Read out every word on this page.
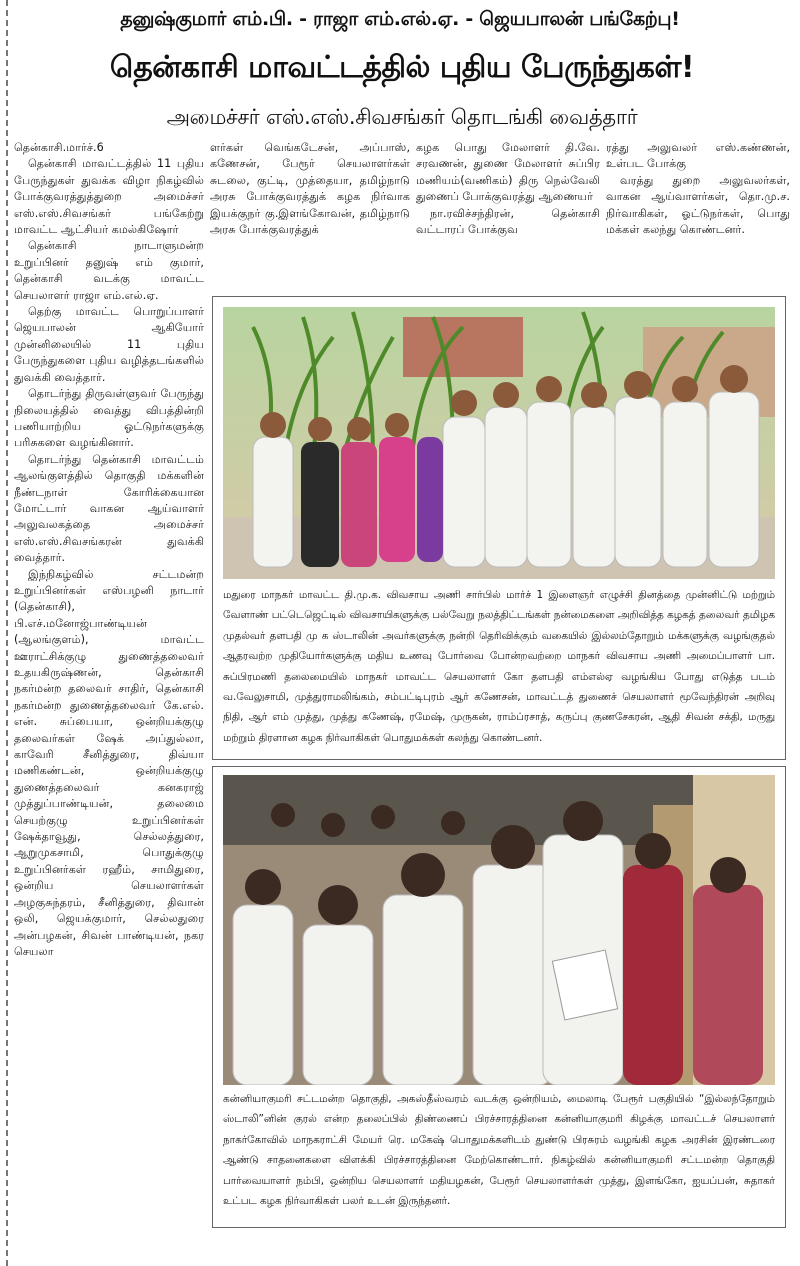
தனுஷ்குமார் எம்.பி. - ராஜா எம்.எல்.ஏ. - ஜெயபாலன் பங்கேற்பு!
தென்காசி மாவட்டத்தில் புதிய பேருந்துகள்!
அமைச்சர் எஸ்.எஸ்.சிவசங்கர் தொடங்கி வைத்தார்

தென்காசி.மார்ச்.6

தென்காசி மாவட்டத்தில் 11 புதிய பேருந்துகள் துவக்க விழா நிகழ்வில் போக்குவரத்துத்துறை அமைச்சர் எஸ்.எஸ்.சிவசங்கர் பங்கேற்று மாவட்ட ஆட்சியர் கமல்கிஷோர்

தென்காசி நாடாளுமன்ற உறுப்பினர் தனுஷ் எம் குமார், தென்காசி வடக்கு மாவட்ட செயலாளர் ராஜா எம்.எல்.ஏ.

தெற்கு மாவட்ட பொறுப்பாளர் ஜெயபாலன் ஆகியோர் முன்னிலையில் 11 புதிய பேருந்துகளை புதிய வழித்தடங்களில் துவக்கி வைத்தார்.

தொடர்ந்து திருவள்ளுவர் பேருந்து நிலையத்தில் வைத்து விபத்தின்றி பணியாற்றிய ஓட்டுநர்களுக்கு பரிசுகளை வழங்கினார்.

தொடர்ந்து தென்காசி மாவட்டம் ஆலங்குளத்தில் தொகுதி மக்களின் நீண்டநாள் கோரிக்கையான மோட்டார் வாகன ஆய்வாளர் அலுவலகத்தை அமைச்சர் எஸ்.எஸ்.சிவசங்கரன் துவக்கி வைத்தார்.

இந்நிகழ்வில் சட்டமன்ற உறுப்பினர்கள் எஸ்பழனி நாடார் (தென்காசி), பி.எச்.மனோஜ்பாண்டியன் (ஆலங்குளம்), மாவட்ட ஊராட்சிக்குழு துணைத்தலைவர் உதயகிருஷ்ணன், தென்காசி நகர்மன்ற தலைவர் சாதிர், தென்காசி நகர்மன்ற துணைத்தலைவர் கே.எல். என். சுப்பையா, ஒன்றியக்குழு தலைவர்கள் ஷேக் அப்துல்லா, காவேரி சீனித்துரை, திவ்யா மணிகண்டன், ஒன்றியக்குழு துணைத்தலைவர் கனகராஜ் முத்துப்பாண்டியன், தலைமை செயற்குழு உறுப்பினர்கள் ஷேக்தாவூது, செல்லத்துரை, ஆறுமுகசாமி, பொதுக்குழு உறுப்பினர்கள் ரஹீம், சாமிதுரை, ஒன்றிய செயலாளர்கள் அழகுசுந்தரம், சீனித்துரை, திவான் ஒலி, ஜெயக்குமார், செல்லதுரை அன்பழகன், சிவன் பாண்டியன், நகர செயலா

ளர்கள் வெங்கடேசன், அப்பாஸ், கணேசன், பேரூர் செயலாளர்கள் சுடலை, குட்டி, முத்தையா, தமிழ்நாடு அரசு போக்குவரத்துக் கழக நிர்வாக இயக்குநர் கு.இளங்கோவன், தமிழ்நாடு அரசு போக்குவரத்துக்

கழக பொது மேலாளர் தி.வே. சரவணன், துணை மேலாளர் சுப்பிர மணியம்(வணிகம்) திரு நெல்வேலி துணைப் போக்குவரத்து ஆணையர்

நா.ரவிச்சந்திரன், தென்காசி வட்டாரப் போக்குவ

ரத்து அலுவலர் எஸ்.கண்ணன், உள்பட போக்கு

வரத்து துறை அலுவலர்கள், வாகன ஆய்வாளர்கள், தொ.மு.ச. நிர்வாகிகள், ஓட்டுநர்கள், பொது மக்கள் கலந்து கொண்டனர்.

மதுரை மாநகர் மாவட்ட தி.மு.க. விவசாய அணி சார்பில் மார்ச் 1 இளைஞர் எழுச்சி தினத்தை முன்னிட்டு மற்றும் வேளாண் பட்டெஜெட்டில் விவசாயிகளுக்கு பல்வேறு நலத்திட்டங்கள் நன்மைகளை அறிவித்த கழகத் தலைவர் தமிழக முதல்வர் தளபதி மு க ஸ்டாலின் அவர்களுக்கு நன்றி தெரிவிக்கும் வகையில் இல்லம்தோறும் மக்களுக்கு வழங்குதல் ஆதரவற்ற முதியோர்களுக்கு மதிய உணவு போர்வை போன்றவற்றை மாநகர் விவசாய அணி அமைப்பாளர் பா. சுப்பிரமணி தலைமையில் மாநகர் மாவட்ட செயலாளர் கோ தளபதி எம்எல்ஏ வழங்கிய போது எடுத்த படம் வ.வேலுசாமி, முத்துராமலிங்கம், சம்பட்டிபுரம் ஆர் கணேசன், மாவட்டத் துணைச் செயலாளர் மூவேந்திரன் அறிவு நிதி, ஆர் எம் முத்து, முத்து கணேஷ், ரமேஷ், முருகன், ராம்ப்ரசாத், கருப்பு குணசேகரன், ஆதி சிவன் சக்தி, மருது மற்றும் திரளான கழக நிர்வாகிகள் பொதுமக்கள் கலந்து கொண்டனர்.
கன்னியாகுமரி சட்டமன்ற தொகுதி, அகஸ்தீஸ்வரம் வடக்கு ஒன்றியம், மைலாடி பேரூர் பகுதியில் “இல்லந்தோறும் ஸ்டாலி”னின் குரல் என்ற தலைப்பில் திண்ணைப் பிரச்சாரத்தினை கன்னியாகுமரி கிழக்கு மாவட்டச் செயலாளர் நாகர்கோவில் மாநகராட்சி மேயர் ரெ. மகேஷ் பொதுமக்களிடம் துண்டு பிரசுரம் வழங்கி கழக அரசின் இரண்டரை ஆண்டு சாதனைகளை விளக்கி பிரச்சாரத்தினை மேற்கொண்டார். நிகழ்வில் கன்னியாகுமரி சட்டமன்ற தொகுதி பார்வையாளர் நம்பி, ஒன்றிய செயலாளர் மதியழகன், பேரூர் செயலாளர்கள் முத்து, இளங்கோ, ஐயப்பன், சுதாகர் உட்பட கழக நிர்வாகிகள் பலர் உடன் இருந்தனர்.
